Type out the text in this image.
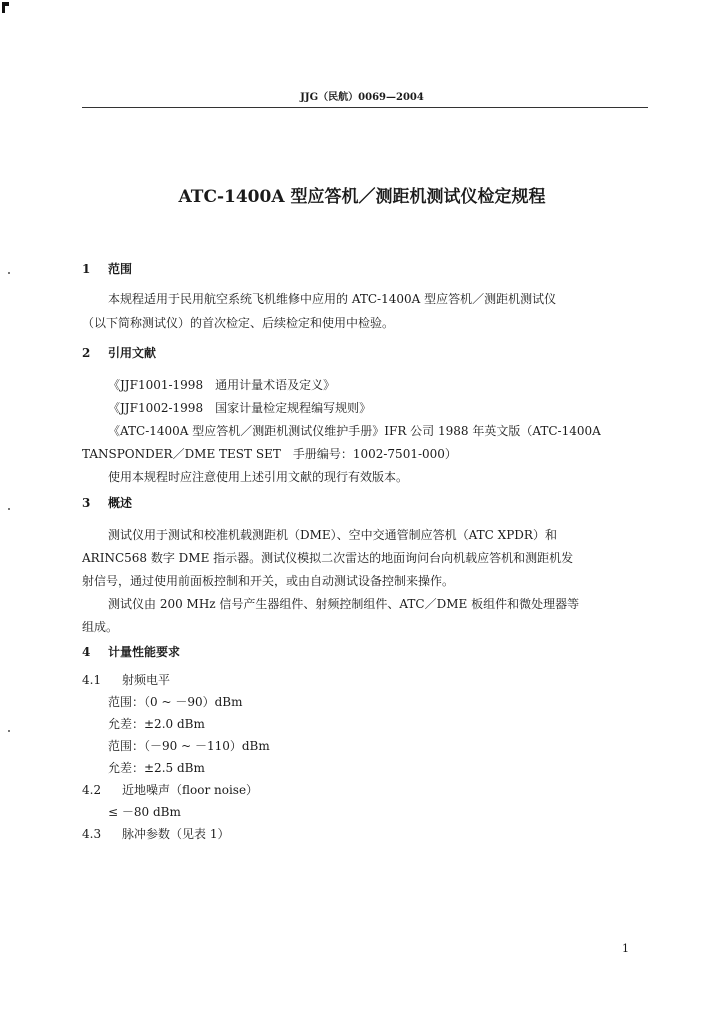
JJG（民航）0069—2004
ATC-1400A 型应答机／测距机测试仪检定规程
1 范围
本规程适用于民用航空系统飞机维修中应用的 ATC-1400A 型应答机／测距机测试仪
（以下简称测试仪）的首次检定、后续检定和使用中检验。
2 引用文献
《JJF1001-1998　通用计量术语及定义》
《JJF1002-1998　国家计量检定规程编写规则》
《ATC-1400A 型应答机／测距机测试仪维护手册》IFR 公司 1988 年英文版（ATC-1400A
TANSPONDER／DME TEST SET　手册编号：1002-7501-000）
使用本规程时应注意使用上述引用文献的现行有效版本。
3 概述
测试仪用于测试和校准机载测距机（DME）、空中交通管制应答机（ATC XPDR）和
ARINC568 数字 DME 指示器。测试仪模拟二次雷达的地面询问台向机载应答机和测距机发
射信号，通过使用前面板控制和开关，或由自动测试设备控制来操作。
测试仪由 200 MHz 信号产生器组件、射频控制组件、ATC／DME 板组件和微处理器等
组成。
4 计量性能要求
4.1 射频电平
范围：（0 ~ －90）dBm
允差：±2.0 dBm
范围：（－90 ~ －110）dBm
允差：±2.5 dBm
4.2 近地噪声（floor noise）
≤ －80 dBm
4.3 脉冲参数（见表 1）
1
